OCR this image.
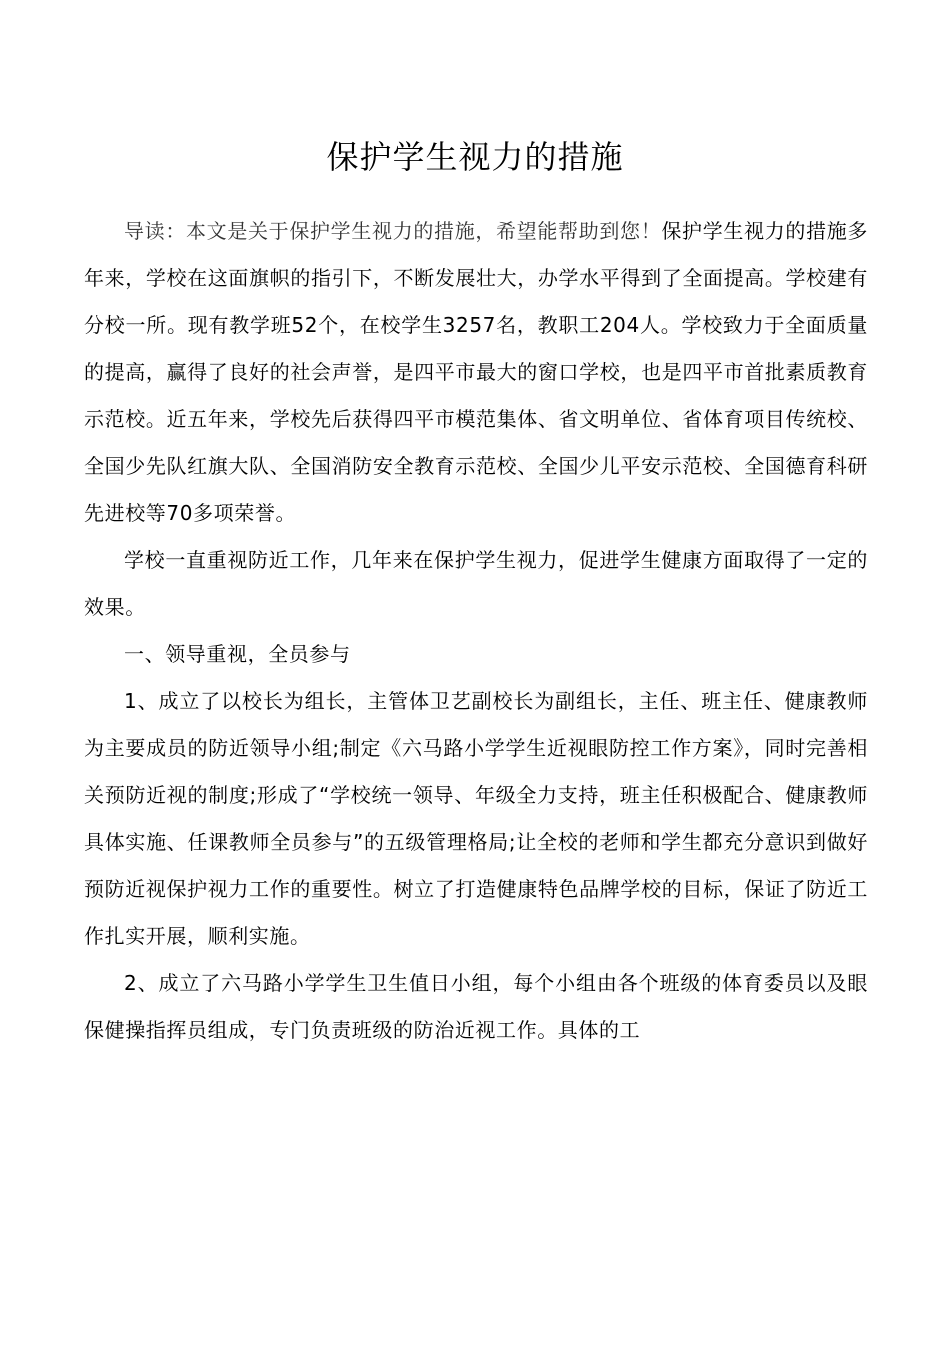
保护学生视力的措施

导读：本文是关于保护学生视力的措施，希望能帮助到您！保护学生视力的措施多年来，学校在这面旗帜的指引下，不断发展壮大，办学水平得到了全面提高。学校建有分校一所。现有教学班52个，在校学生3257名，教职工204人。学校致力于全面质量的提高，赢得了良好的社会声誉，是四平市最大的窗口学校，也是四平市首批素质教育示范校。近五年来，学校先后获得四平市模范集体、省文明单位、省体育项目传统校、全国少先队红旗大队、全国消防安全教育示范校、全国少儿平安示范校、全国德育科研先进校等70多项荣誉。

学校一直重视防近工作，几年来在保护学生视力，促进学生健康方面取得了一定的效果。

一、领导重视，全员参与

1、成立了以校长为组长，主管体卫艺副校长为副组长，主任、班主任、健康教师为主要成员的防近领导小组;制定《六马路小学学生近视眼防控工作方案》，同时完善相关预防近视的制度;形成了“学校统一领导、年级全力支持，班主任积极配合、健康教师具体实施、任课教师全员参与”的五级管理格局;让全校的老师和学生都充分意识到做好预防近视保护视力工作的重要性。树立了打造健康特色品牌学校的目标，保证了防近工作扎实开展，顺利实施。

2、成立了六马路小学学生卫生值日小组，每个小组由各个班级的体育委员以及眼保健操指挥员组成，专门负责班级的防治近视工作。具体的工
